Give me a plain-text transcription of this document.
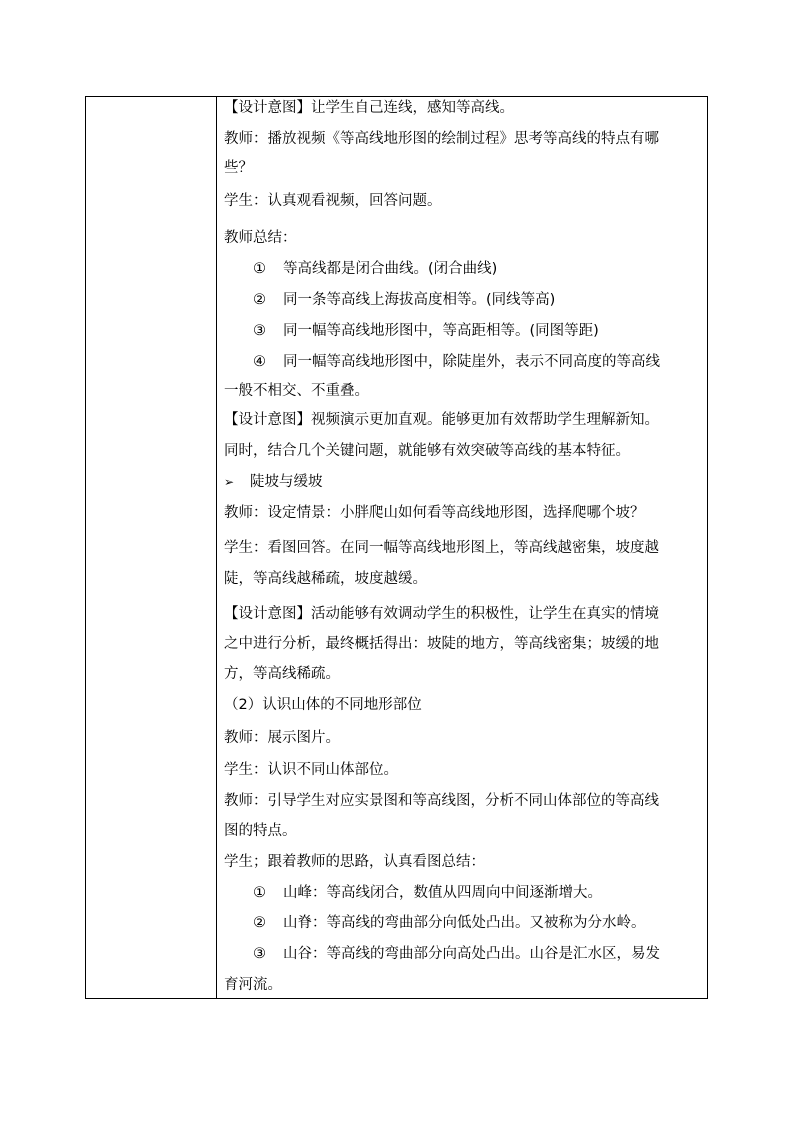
【设计意图】让学生自己连线，感知等高线。
教师：播放视频《等高线地形图的绘制过程》思考等高线的特点有哪
些？
学生：认真观看视频，回答问题。
教师总结：
① 等高线都是闭合曲线。(闭合曲线)
② 同一条等高线上海拔高度相等。(同线等高)
③ 同一幅等高线地形图中，等高距相等。(同图等距)
④ 同一幅等高线地形图中，除陡崖外，表示不同高度的等高线
一般不相交、不重叠。
【设计意图】视频演示更加直观。能够更加有效帮助学生理解新知。
同时，结合几个关键问题，就能够有效突破等高线的基本特征。
➢ 陡坡与缓坡
教师：设定情景：小胖爬山如何看等高线地形图，选择爬哪个坡？
学生：看图回答。在同一幅等高线地形图上，等高线越密集，坡度越
陡，等高线越稀疏，坡度越缓。
【设计意图】活动能够有效调动学生的积极性，让学生在真实的情境
之中进行分析，最终概括得出：坡陡的地方，等高线密集；坡缓的地
方，等高线稀疏。
（2）认识山体的不同地形部位
教师：展示图片。
学生：认识不同山体部位。
教师：引导学生对应实景图和等高线图，分析不同山体部位的等高线
图的特点。
学生；跟着教师的思路，认真看图总结：
① 山峰：等高线闭合，数值从四周向中间逐渐增大。
② 山脊：等高线的弯曲部分向低处凸出。又被称为分水岭。
③ 山谷：等高线的弯曲部分向高处凸出。山谷是汇水区，易发
育河流。
